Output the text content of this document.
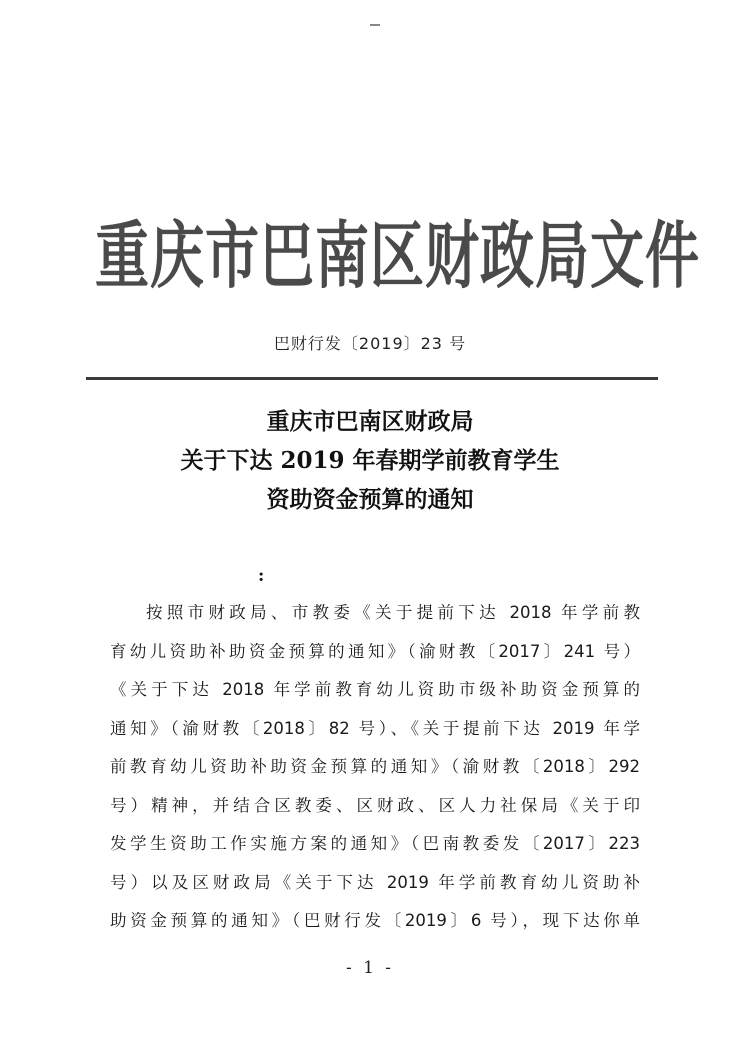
重庆市巴南区财政局文件
巴财行发〔2019〕23 号
重庆市巴南区财政局
关于下达 2019 年春期学前教育学生
资助资金预算的通知
:
按照市财政局、市教委《关于提前下达 2018 年学前教
育幼儿资助补助资金预算的通知》（渝财教〔2017〕241 号）
《关于下达 2018 年学前教育幼儿资助市级补助资金预算的
通知》（渝财教〔2018〕82 号）、《关于提前下达 2019 年学
前教育幼儿资助补助资金预算的通知》（渝财教〔2018〕292
号）精神，并结合区教委、区财政、区人力社保局《关于印
发学生资助工作实施方案的通知》（巴南教委发〔2017〕223
号）以及区财政局《关于下达 2019 年学前教育幼儿资助补
助资金预算的通知》（巴财行发〔2019〕6 号），现下达你单
- 1 -
